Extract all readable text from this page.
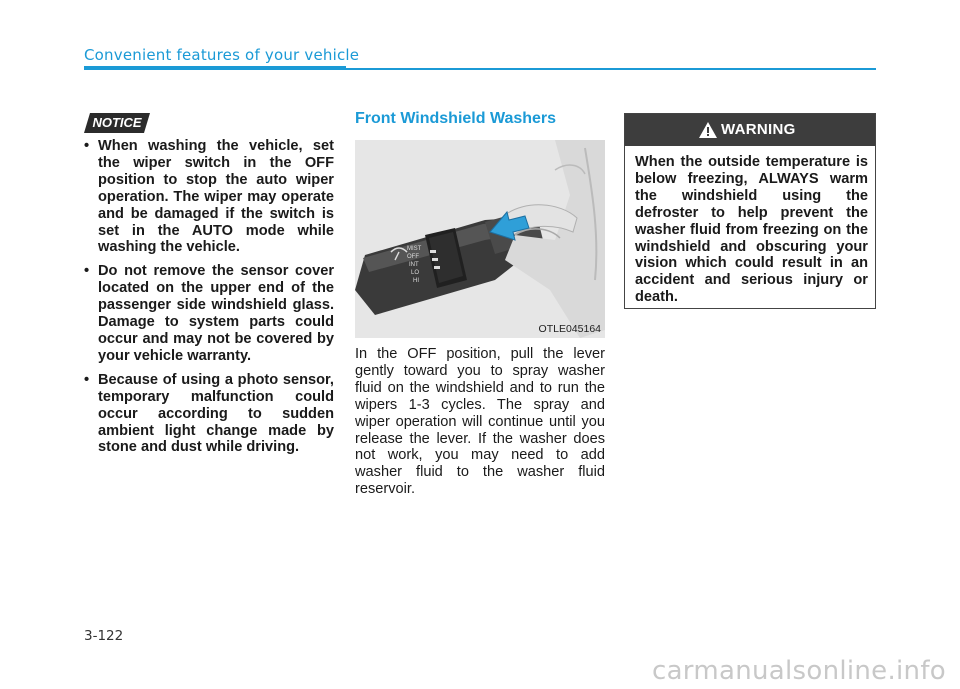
Convenient features of your vehicle
NOTICE
• When washing the vehicle, set the wiper switch in the OFF position to stop the auto wiper operation. The wiper may operate and be damaged if the switch is set in the AUTO mode while washing the vehicle.
• Do not remove the sensor cover located on the upper end of the passenger side windshield glass. Damage to system parts could occur and may not be covered by your vehicle warranty.
• Because of using a photo sensor, temporary malfunction could occur according to sudden ambient light change made by stone and dust while driving.
Front Windshield Washers
MIST
OFF
INT
LO
HI
OTLE045164

In the OFF position, pull the lever gently toward you to spray washer fluid on the windshield and to run the wipers 1-3 cycles. The spray and wiper operation will continue until you release the lever. If the washer does not work, you may need to add washer fluid to the washer fluid reservoir.

WARNING

When the outside temperature is below freezing, ALWAYS warm the windshield using the defroster to help prevent the washer fluid from freezing on the windshield and obscuring your vision which could result in an accident and serious injury or death.

3-122
carmanualsonline.info
